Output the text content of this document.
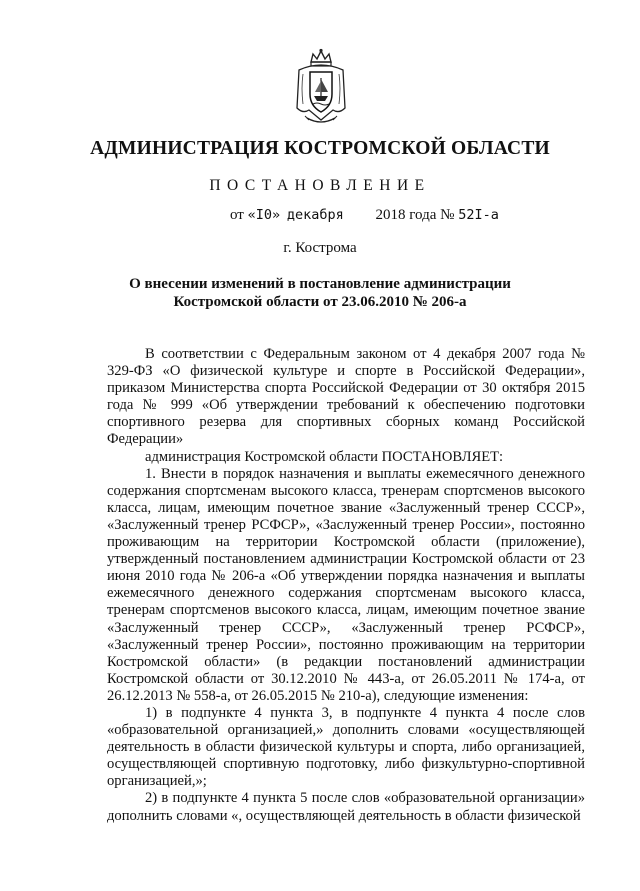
АДМИНИСТРАЦИЯ КОСТРОМСКОЙ ОБЛАСТИ
ПОСТАНОВЛЕНИЕ
от «I0» декабря 2018 года № 52I-а
г. Кострома
О внесении изменений в постановление администрации
Костромской области от 23.06.2010 № 206-а

В соответствии с Федеральным законом от 4 декабря 2007 года № 329-ФЗ «О физической культуре и спорте в Российской Федерации», приказом Министерства спорта Российской Федерации от 30 октября 2015 года № 999 «Об утверждении требований к обеспечению подготовки спортивного резерва для спортивных сборных команд Российской Федерации»

администрация Костромской области ПОСТАНОВЛЯЕТ:

1. Внести в порядок назначения и выплаты ежемесячного денежного содержания спортсменам высокого класса, тренерам спортсменов высокого класса, лицам, имеющим почетное звание «Заслуженный тренер СССР», «Заслуженный тренер РСФСР», «Заслуженный тренер России», постоянно проживающим на территории Костромской области (приложение), утвержденный постановлением администрации Костромской области от 23 июня 2010 года № 206-а «Об утверждении порядка назначения и выплаты ежемесячного денежного содержания спортсменам высокого класса, тренерам спортсменов высокого класса, лицам, имеющим почетное звание «Заслуженный тренер СССР», «Заслуженный тренер РСФСР», «Заслуженный тренер России», постоянно проживающим на территории Костромской области» (в редакции постановлений администрации Костромской области от 30.12.2010 № 443-а, от 26.05.2011 № 174-а, от 26.12.2013 № 558-а, от 26.05.2015 № 210-а), следующие изменения:

1) в подпункте 4 пункта 3, в подпункте 4 пункта 4 после слов «образовательной организацией,» дополнить словами «осуществляющей деятельность в области физической культуры и спорта, либо организацией, осуществляющей спортивную подготовку, либо физкультурно-спортивной организацией,»;

2) в подпункте 4 пункта 5 после слов «образовательной организации» дополнить словами «, осуществляющей деятельность в области физической
